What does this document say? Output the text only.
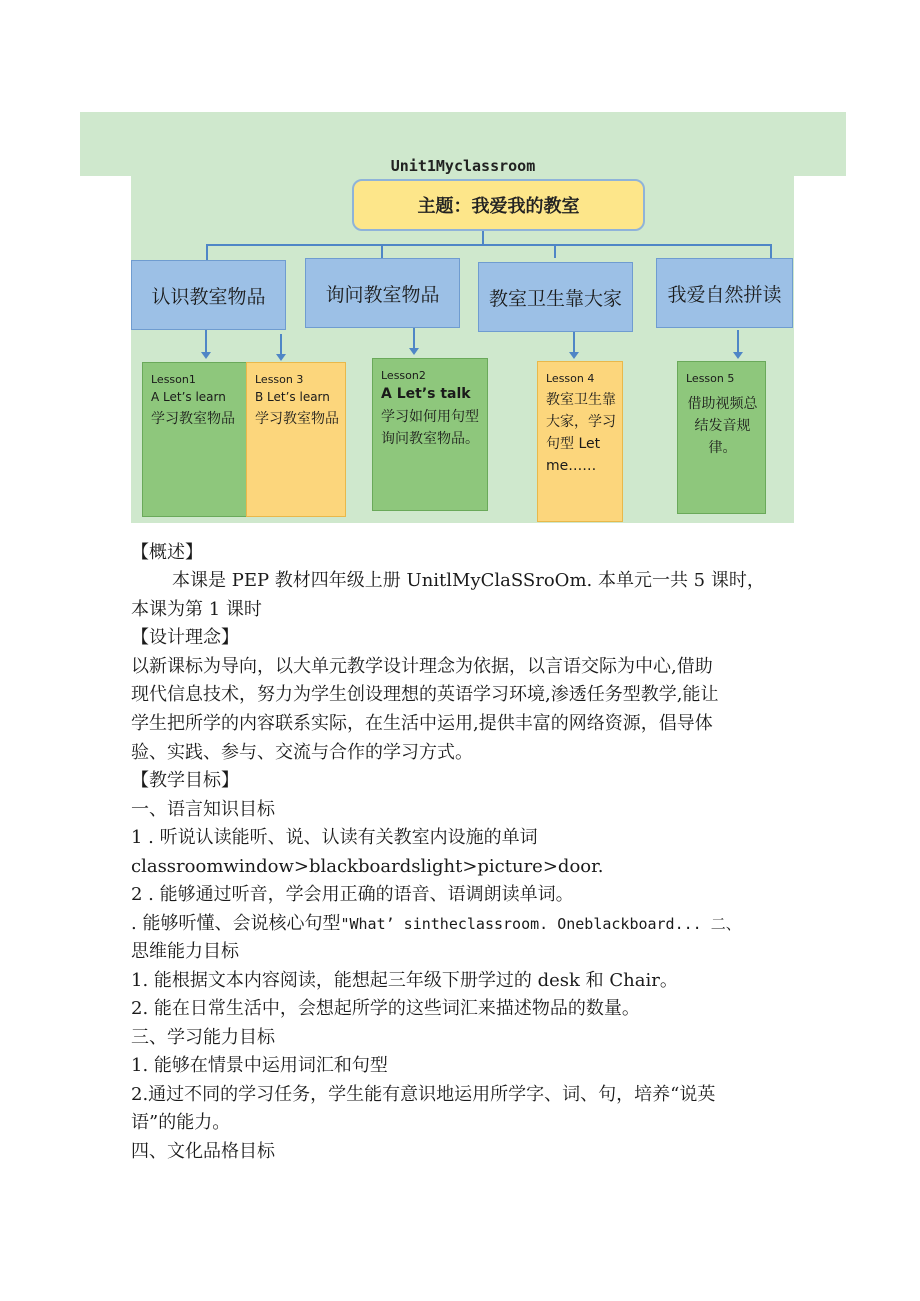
Unit1Myclassroom
主题：我爱我的教室
认识教室物品	询问教室物品	教室卫生靠大家	我爱自然拼读
Lesson1
A Let’s learn
学习教室物品
Lesson 3
B Let’s learn
学习教室物品
Lesson2
A Let’s talk
学习如何用句型询问教室物品。
Lesson 4
教室卫生靠大家，学习句型 Let me……
Lesson 5
借助视频总结发音规律。
【概述】
本课是 PEP 教材四年级上册 UnitlMyClaSSroOm. 本单元一共 5 课时，
本课为第 1 课时
【设计理念】
以新课标为导向，以大单元教学设计理念为依据，以言语交际为中心,借助
现代信息技术，努力为学生创设理想的英语学习环境,渗透任务型教学,能让
学生把所学的内容联系实际，在生活中运用,提供丰富的网络资源，倡导体
验、实践、参与、交流与合作的学习方式。
【教学目标】
一、语言知识目标
1 . 听说认读能听、说、认读有关教室内设施的单词
classroomwindow>blackboardslight>picture>door.
2 . 能够通过听音，学会用正确的语音、语调朗读单词。
. 能够听懂、会说核心句型"What’ sintheclassroom. Oneblackboard... 二、
思维能力目标
1. 能根据文本内容阅读，能想起三年级下册学过的 desk 和 Chair。
2. 能在日常生活中，会想起所学的这些词汇来描述物品的数量。
三、学习能力目标
1. 能够在情景中运用词汇和句型
2.通过不同的学习任务，学生能有意识地运用所学字、词、句，培养“说英
语”的能力。
四、文化品格目标
